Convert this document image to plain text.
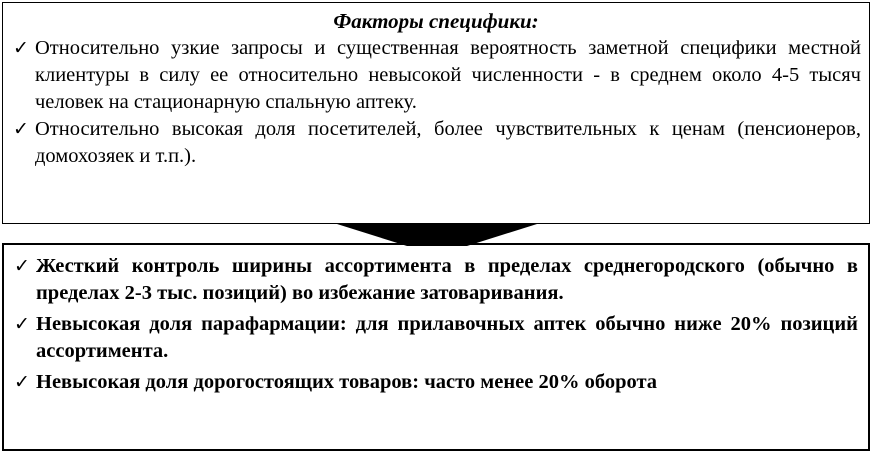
Факторы специфики:
✓ Относительно узкие запросы и существенная вероятность заметной специфики местной клиентуры в силу ее относительно невысокой численности - в среднем около 4-5 тысяч человек на стационарную спальную аптеку.
✓ Относительно высокая доля посетителей, более чувствительных к ценам (пенсионеров, домохозяек и т.п.).
✓ Жесткий контроль ширины ассортимента в пределах среднегородского (обычно в пределах 2-3 тыс. позиций) во избежание затоваривания.
✓ Невысокая доля парафармации: для прилавочных аптек обычно ниже 20% позиций ассортимента.
✓ Невысокая доля дорогостоящих товаров: часто менее 20% оборота
